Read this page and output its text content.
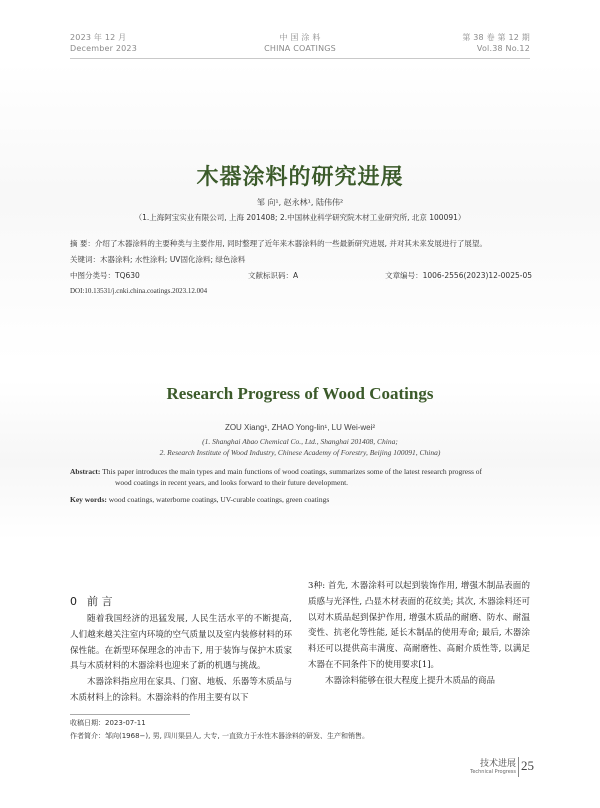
2023 年 12 月
December 2023
中 国 涂 料
CHINA COATINGS
第 38 卷 第 12 期
Vol.38 No.12
木器涂料的研究进展
邹 向¹, 赵永林¹, 陆伟伟²
（1.上海阿宝实业有限公司, 上海 201408; 2.中国林业科学研究院木材工业研究所, 北京 100091）
摘 要：介绍了木器涂料的主要种类与主要作用, 同时整理了近年来木器涂料的一些最新研究进展, 并对其未来发展进行了展望。
关键词：木器涂料; 水性涂料; UV固化涂料; 绿色涂料
中图分类号：TQ630	文献标识码：A	文章编号：1006-2556(2023)12-0025-05
DOI:10.13531/j.cnki.china.coatings.2023.12.004
Research Progress of Wood Coatings
ZOU Xiang¹, ZHAO Yong-lin¹, LU Wei-wei²
(1. Shanghai Abao Chemical Co., Ltd., Shanghai 201408, China;
2. Research Institute of Wood Industry, Chinese Academy of Forestry, Beijing 100091, China)
Abstract: This paper introduces the main types and main functions of wood coatings, summarizes some of the latest research progress of
wood coatings in recent years, and looks forward to their future development.
Key words: wood coatings, waterborne coatings, UV-curable coatings, green coatings
0 前 言

随着我国经济的迅猛发展, 人民生活水平的不断提高, 人们越来越关注室内环境的空气质量以及室内装修材料的环保性能。在新型环保理念的冲击下, 用于装饰与保护木质家具与木质材料的木器涂料也迎来了新的机遇与挑战。

木器涂料指应用在家具、门窗、地板、乐器等木质品与木质材料上的涂料。木器涂料的作用主要有以下

3种: 首先, 木器涂料可以起到装饰作用, 增强木制品表面的质感与光泽性, 凸显木材表面的花纹美; 其次, 木器涂料还可以对木质品起到保护作用, 增强木质品的耐磨、防水、耐温变性、抗老化等性能, 延长木制品的使用寿命; 最后, 木器涂料还可以提供高丰满度、高耐磨性、高耐介质性等, 以满足木器在不同条件下的使用要求[1]。

木器涂料能够在很大程度上提升木质品的商品

收稿日期：2023-07-11
作者简介：邹向(1968−), 男, 四川渠县人, 大专, 一直致力于水性木器涂料的研发、生产和销售。
技术进展
Technical Progress 25
